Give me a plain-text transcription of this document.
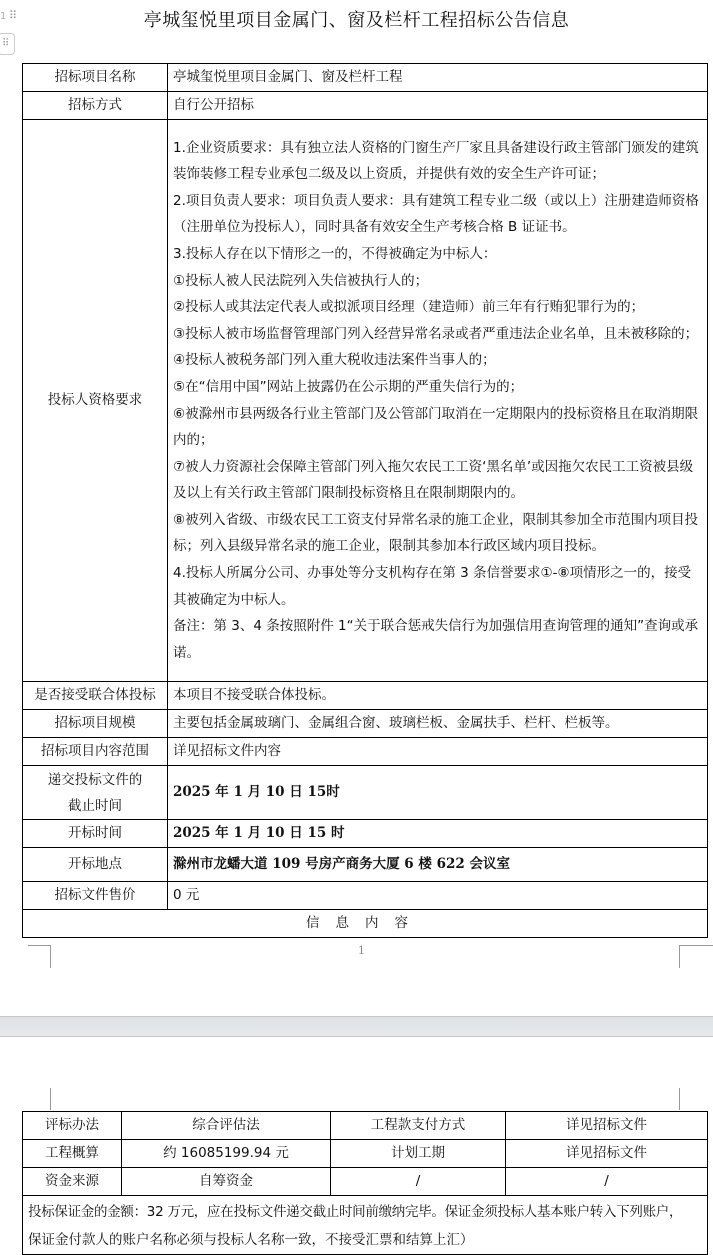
1 ⠿
⠿
亭城玺悦里项目金属门、窗及栏杆工程招标公告信息
招标项目名称	亭城玺悦里项目金属门、窗及栏杆工程
招标方式	自行公开招标
投标人资格要求	

1.企业资质要求：具有独立法人资格的门窗生产厂家且具备建设行政主管部门颁发的建筑装饰装修工程专业承包二级及以上资质，并提供有效的安全生产许可证；

2.项目负责人要求：项目负责人要求：具有建筑工程专业二级（或以上）注册建造师资格（注册单位为投标人），同时具备有效安全生产考核合格 B 证证书。

3.投标人存在以下情形之一的，不得被确定为中标人：

①投标人被人民法院列入失信被执行人的；

②投标人或其法定代表人或拟派项目经理（建造师）前三年有行贿犯罪行为的；

③投标人被市场监督管理部门列入经营异常名录或者严重违法企业名单，且未被移除的；

④投标人被税务部门列入重大税收违法案件当事人的；

⑤在“信用中国”网站上披露仍在公示期的严重失信行为的；

⑥被滁州市县两级各行业主管部门及公管部门取消在一定期限内的投标资格且在取消期限内的；

⑦被人力资源社会保障主管部门列入拖欠农民工工资‘黑名单’或因拖欠农民工工资被县级及以上有关行政主管部门限制投标资格且在限制期限内的。

⑧被列入省级、市级农民工工资支付异常名录的施工企业，限制其参加全市范围内项目投标；列入县级异常名录的施工企业，限制其参加本行政区域内项目投标。

4.投标人所属分公司、办事处等分支机构存在第 3 条信誉要求①-⑧项情形之一的，接受其被确定为中标人。

备注：第 3、4 条按照附件 1“关于联合惩戒失信行为加强信用查询管理的通知”查询或承诺。

是否接受联合体投标	本项目不接受联合体投标。
招标项目规模	主要包括金属玻璃门、金属组合窗、玻璃栏板、金属扶手、栏杆、栏板等。
招标项目内容范围	详见招标文件内容

递交投标文件的
截止时间	2025 年 1 月 10 日 15时
开标时间	2025 年 1 月 10 日 15 时
开标地点	滁州市龙蟠大道 109 号房产商务大厦 6 楼 622 会议室
招标文件售价	0 元
信息内容	
1
评标办法	综合评估法	工程款支付方式	详见招标文件
工程概算	约 16085199.94 元	计划工期	详见招标文件
资金来源	自筹资金	/	/

投标保证金的金额：32 万元，应在投标文件递交截止时间前缴纳完毕。保证金须投标人基本账户转入下列账户，
保证金付款人的账户名称必须与投标人名称一致，不接受汇票和结算上汇）			
